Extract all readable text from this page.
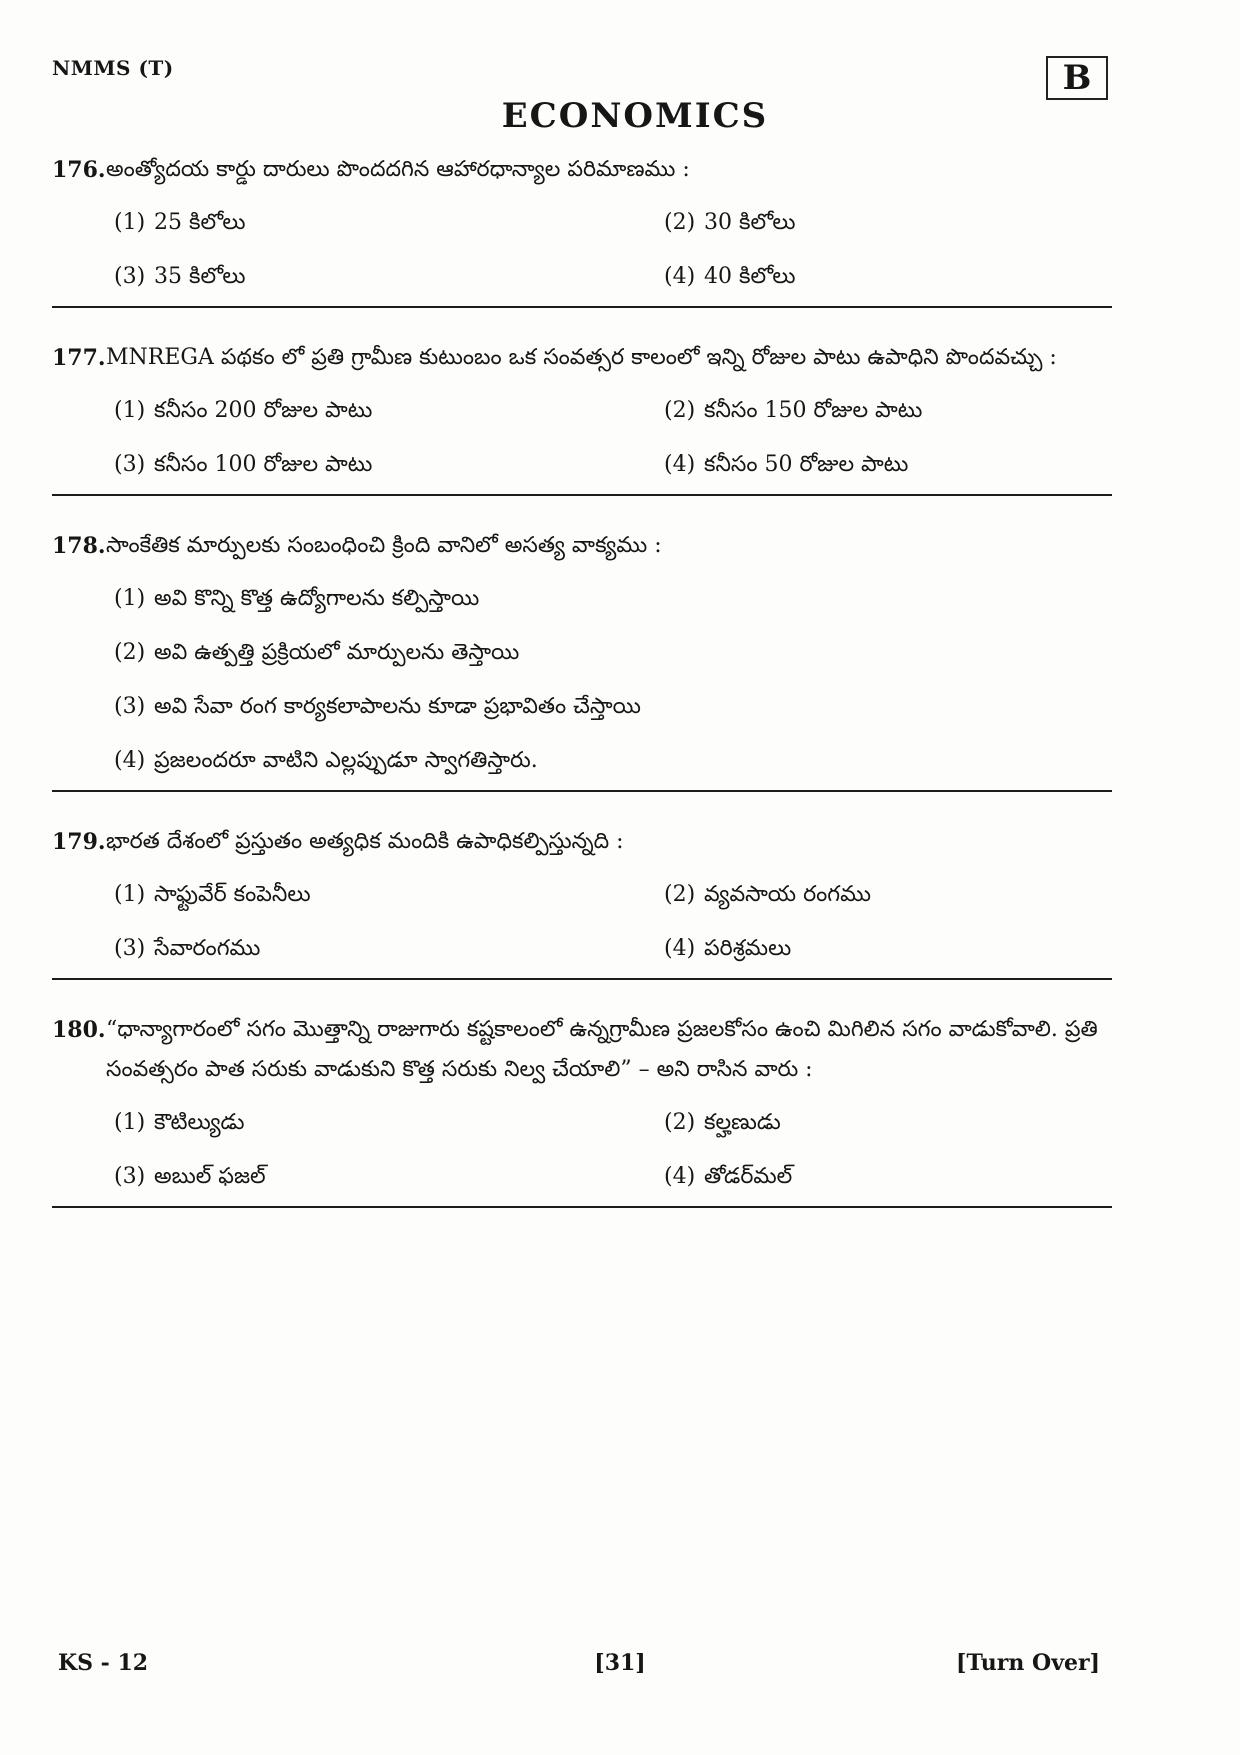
NMMS (T)	B
ECONOMICS
176. అంత్యోదయ కార్డు దారులు పొందదగిన ఆహారధాన్యాల పరిమాణము :
(1) 25 కిలోలు	(2) 30 కిలోలు
(3) 35 కిలోలు	(4) 40 కిలోలు
177. MNREGA పథకం లో ప్రతి గ్రామీణ కుటుంబం ఒక సంవత్సర కాలంలో ఇన్ని రోజుల పాటు ఉపాధిని పొందవచ్చు :
(1) కనీసం 200 రోజుల పాటు	(2) కనీసం 150 రోజుల పాటు
(3) కనీసం 100 రోజుల పాటు	(4) కనీసం 50 రోజుల పాటు
178. సాంకేతిక మార్పులకు సంబంధించి క్రింది వానిలో అసత్య వాక్యము :
(1) అవి కొన్ని కొత్త ఉద్యోగాలను కల్పిస్తాయి
(2) అవి ఉత్పత్తి ప్రక్రియలో మార్పులను తెస్తాయి
(3) అవి సేవా రంగ కార్యకలాపాలను కూడా ప్రభావితం చేస్తాయి
(4) ప్రజలందరూ వాటిని ఎల్లప్పుడూ స్వాగతిస్తారు.
179. భారత దేశంలో ప్రస్తుతం అత్యధిక మందికి ఉపాధికల్పిస్తున్నది :
(1) సాఫ్టువేర్ కంపెనీలు	(2) వ్యవసాయ రంగము
(3) సేవారంగము	(4) పరిశ్రమలు
180. “ధాన్యాగారంలో సగం మొత్తాన్ని రాజుగారు కష్టకాలంలో ఉన్నగ్రామీణ ప్రజలకోసం ఉంచి మిగిలిన సగం వాడుకోవాలి. ప్రతి సంవత్సరం పాత సరుకు వాడుకుని కొత్త సరుకు నిల్వ చేయాలి” – అని రాసిన వారు :
(1) కౌటిల్యుడు	(2) కల్హణుడు
(3) అబుల్ ఫజల్	(4) తోడర్‌మల్
KS - 12	[31]	[Turn Over]
